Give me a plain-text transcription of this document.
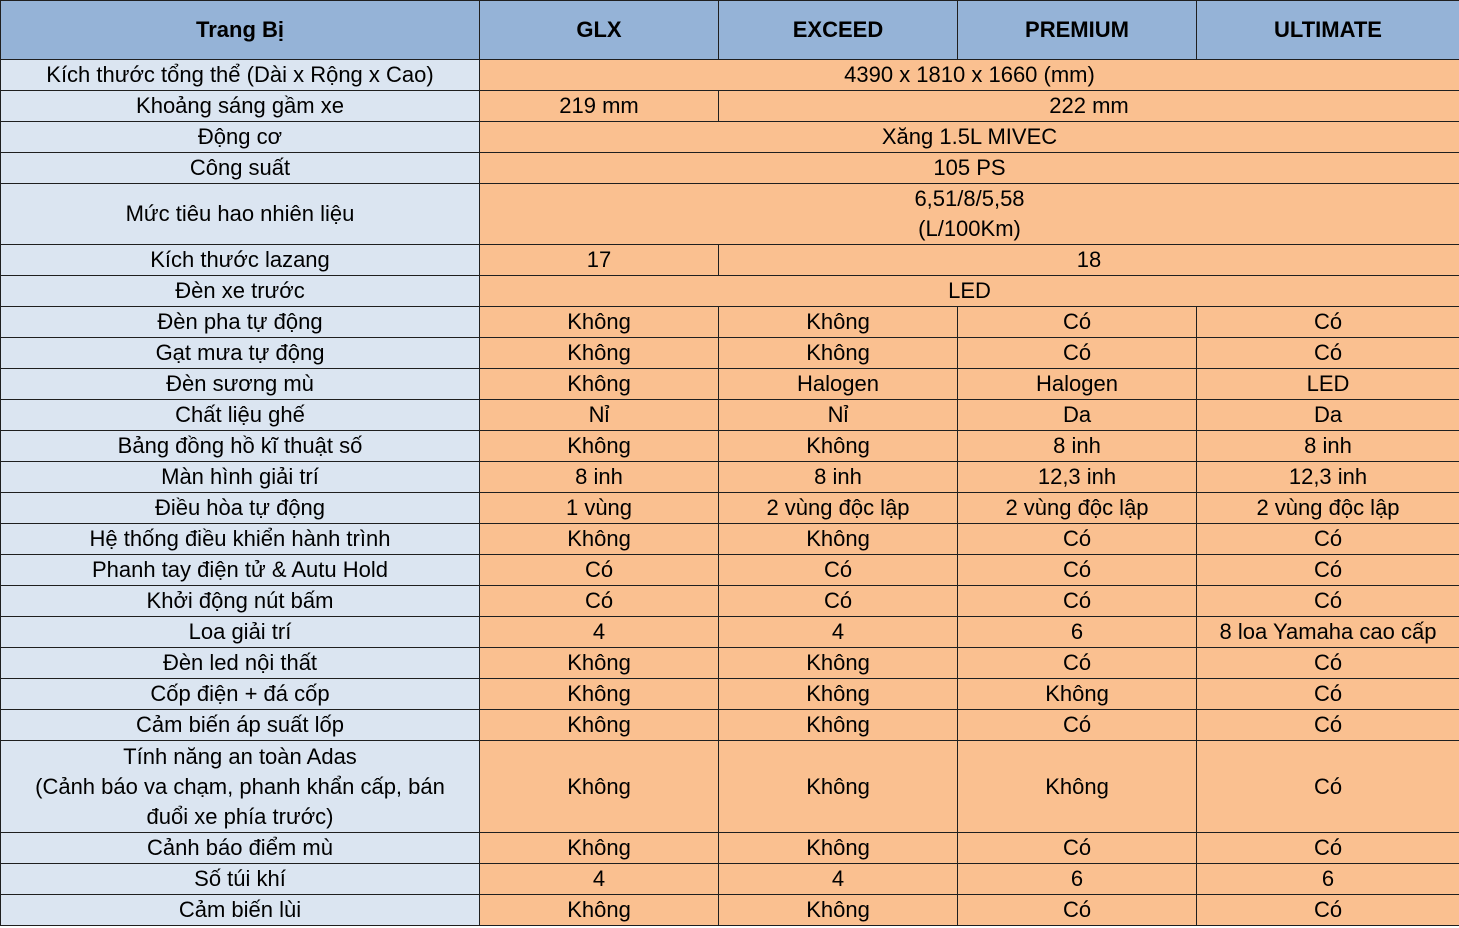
Trang Bị	GLX	EXCEED	PREMIUM	ULTIMATE
Kích thước tổng thể (Dài x Rộng x Cao)	4390 x 1810 x 1660 (mm)			
Khoảng sáng gầm xe	219 mm	222 mm		
Động cơ	Xăng 1.5L MIVEC			
Công suất	105 PS			
Mức tiêu hao nhiên liệu	6,51/8/5,58
(L/100Km)			
Kích thước lazang	17	18		
Đèn xe trước	LED			
Đèn pha tự động	Không	Không	Có	Có
Gạt mưa tự động	Không	Không	Có	Có
Đèn sương mù	Không	Halogen	Halogen	LED
Chất liệu ghế	Nỉ	Nỉ	Da	Da
Bảng đồng hồ kĩ thuật số	Không	Không	8 inh	8 inh
Màn hình giải trí	8 inh	8 inh	12,3 inh	12,3 inh
Điều hòa tự động	1 vùng	2 vùng độc lập	2 vùng độc lập	2 vùng độc lập
Hệ thống điều khiển hành trình	Không	Không	Có	Có
Phanh tay điện tử & Autu Hold	Có	Có	Có	Có
Khởi động nút bấm	Có	Có	Có	Có
Loa giải trí	4	4	6	8 loa Yamaha cao cấp
Đèn led nội thất	Không	Không	Có	Có
Cốp điện + đá cốp	Không	Không	Không	Có
Cảm biến áp suất lốp	Không	Không	Có	Có
Tính năng an toàn Adas
(Cảnh báo va chạm, phanh khẩn cấp, bán
đuổi xe phía trước)	Không	Không	Không	Có
Cảnh báo điểm mù	Không	Không	Có	Có
Số túi khí	4	4	6	6
Cảm biến lùi	Không	Không	Có	Có
